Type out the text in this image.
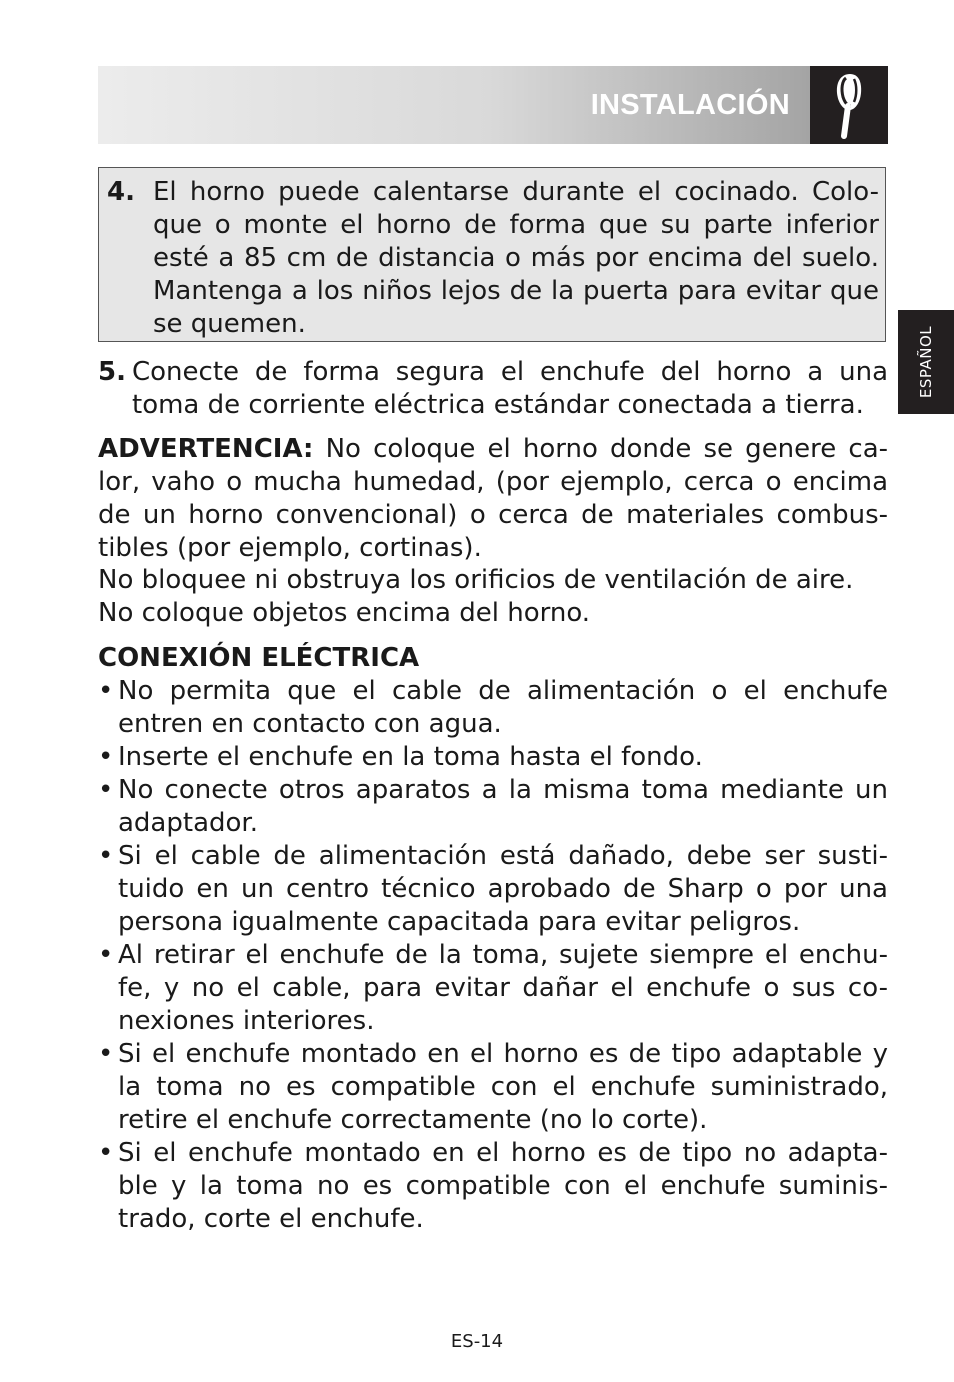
INSTALACIÓN
ESPAÑOL
4. El horno puede calentarse durante el cocinado. Colo-que o monte el horno de forma que su parte inferior esté a 85 cm de distancia o más por encima del suelo. Mantenga a los niños lejos de la puerta para evitar que se quemen.
5. Conecte de forma segura el enchufe del horno a una toma de corriente eléctrica estándar conectada a tierra.
ADVERTENCIA: No coloque el horno donde se genere ca-lor, vaho o mucha humedad, (por ejemplo, cerca o encima de un horno convencional) o cerca de materiales combus-tibles (por ejemplo, cortinas).
No bloquee ni obstruya los orificios de ventilación de aire.
No coloque objetos encima del horno.
CONEXIÓN ELÉCTRICA
• No permita que el cable de alimentación o el enchufe entren en contacto con agua.
• Inserte el enchufe en la toma hasta el fondo.
• No conecte otros aparatos a la misma toma mediante un adaptador.
• Si el cable de alimentación está dañado, debe ser susti-tuido en un centro técnico aprobado de Sharp o por una persona igualmente capacitada para evitar peligros.
• Al retirar el enchufe de la toma, sujete siempre el enchu-fe, y no el cable, para evitar dañar el enchufe o sus co-nexiones interiores.
• Si el enchufe montado en el horno es de tipo adaptable y la toma no es compatible con el enchufe suministrado, retire el enchufe correctamente (no lo corte).
• Si el enchufe montado en el horno es de tipo no adapta-ble y la toma no es compatible con el enchufe suminis-trado, corte el enchufe.
ES-14
